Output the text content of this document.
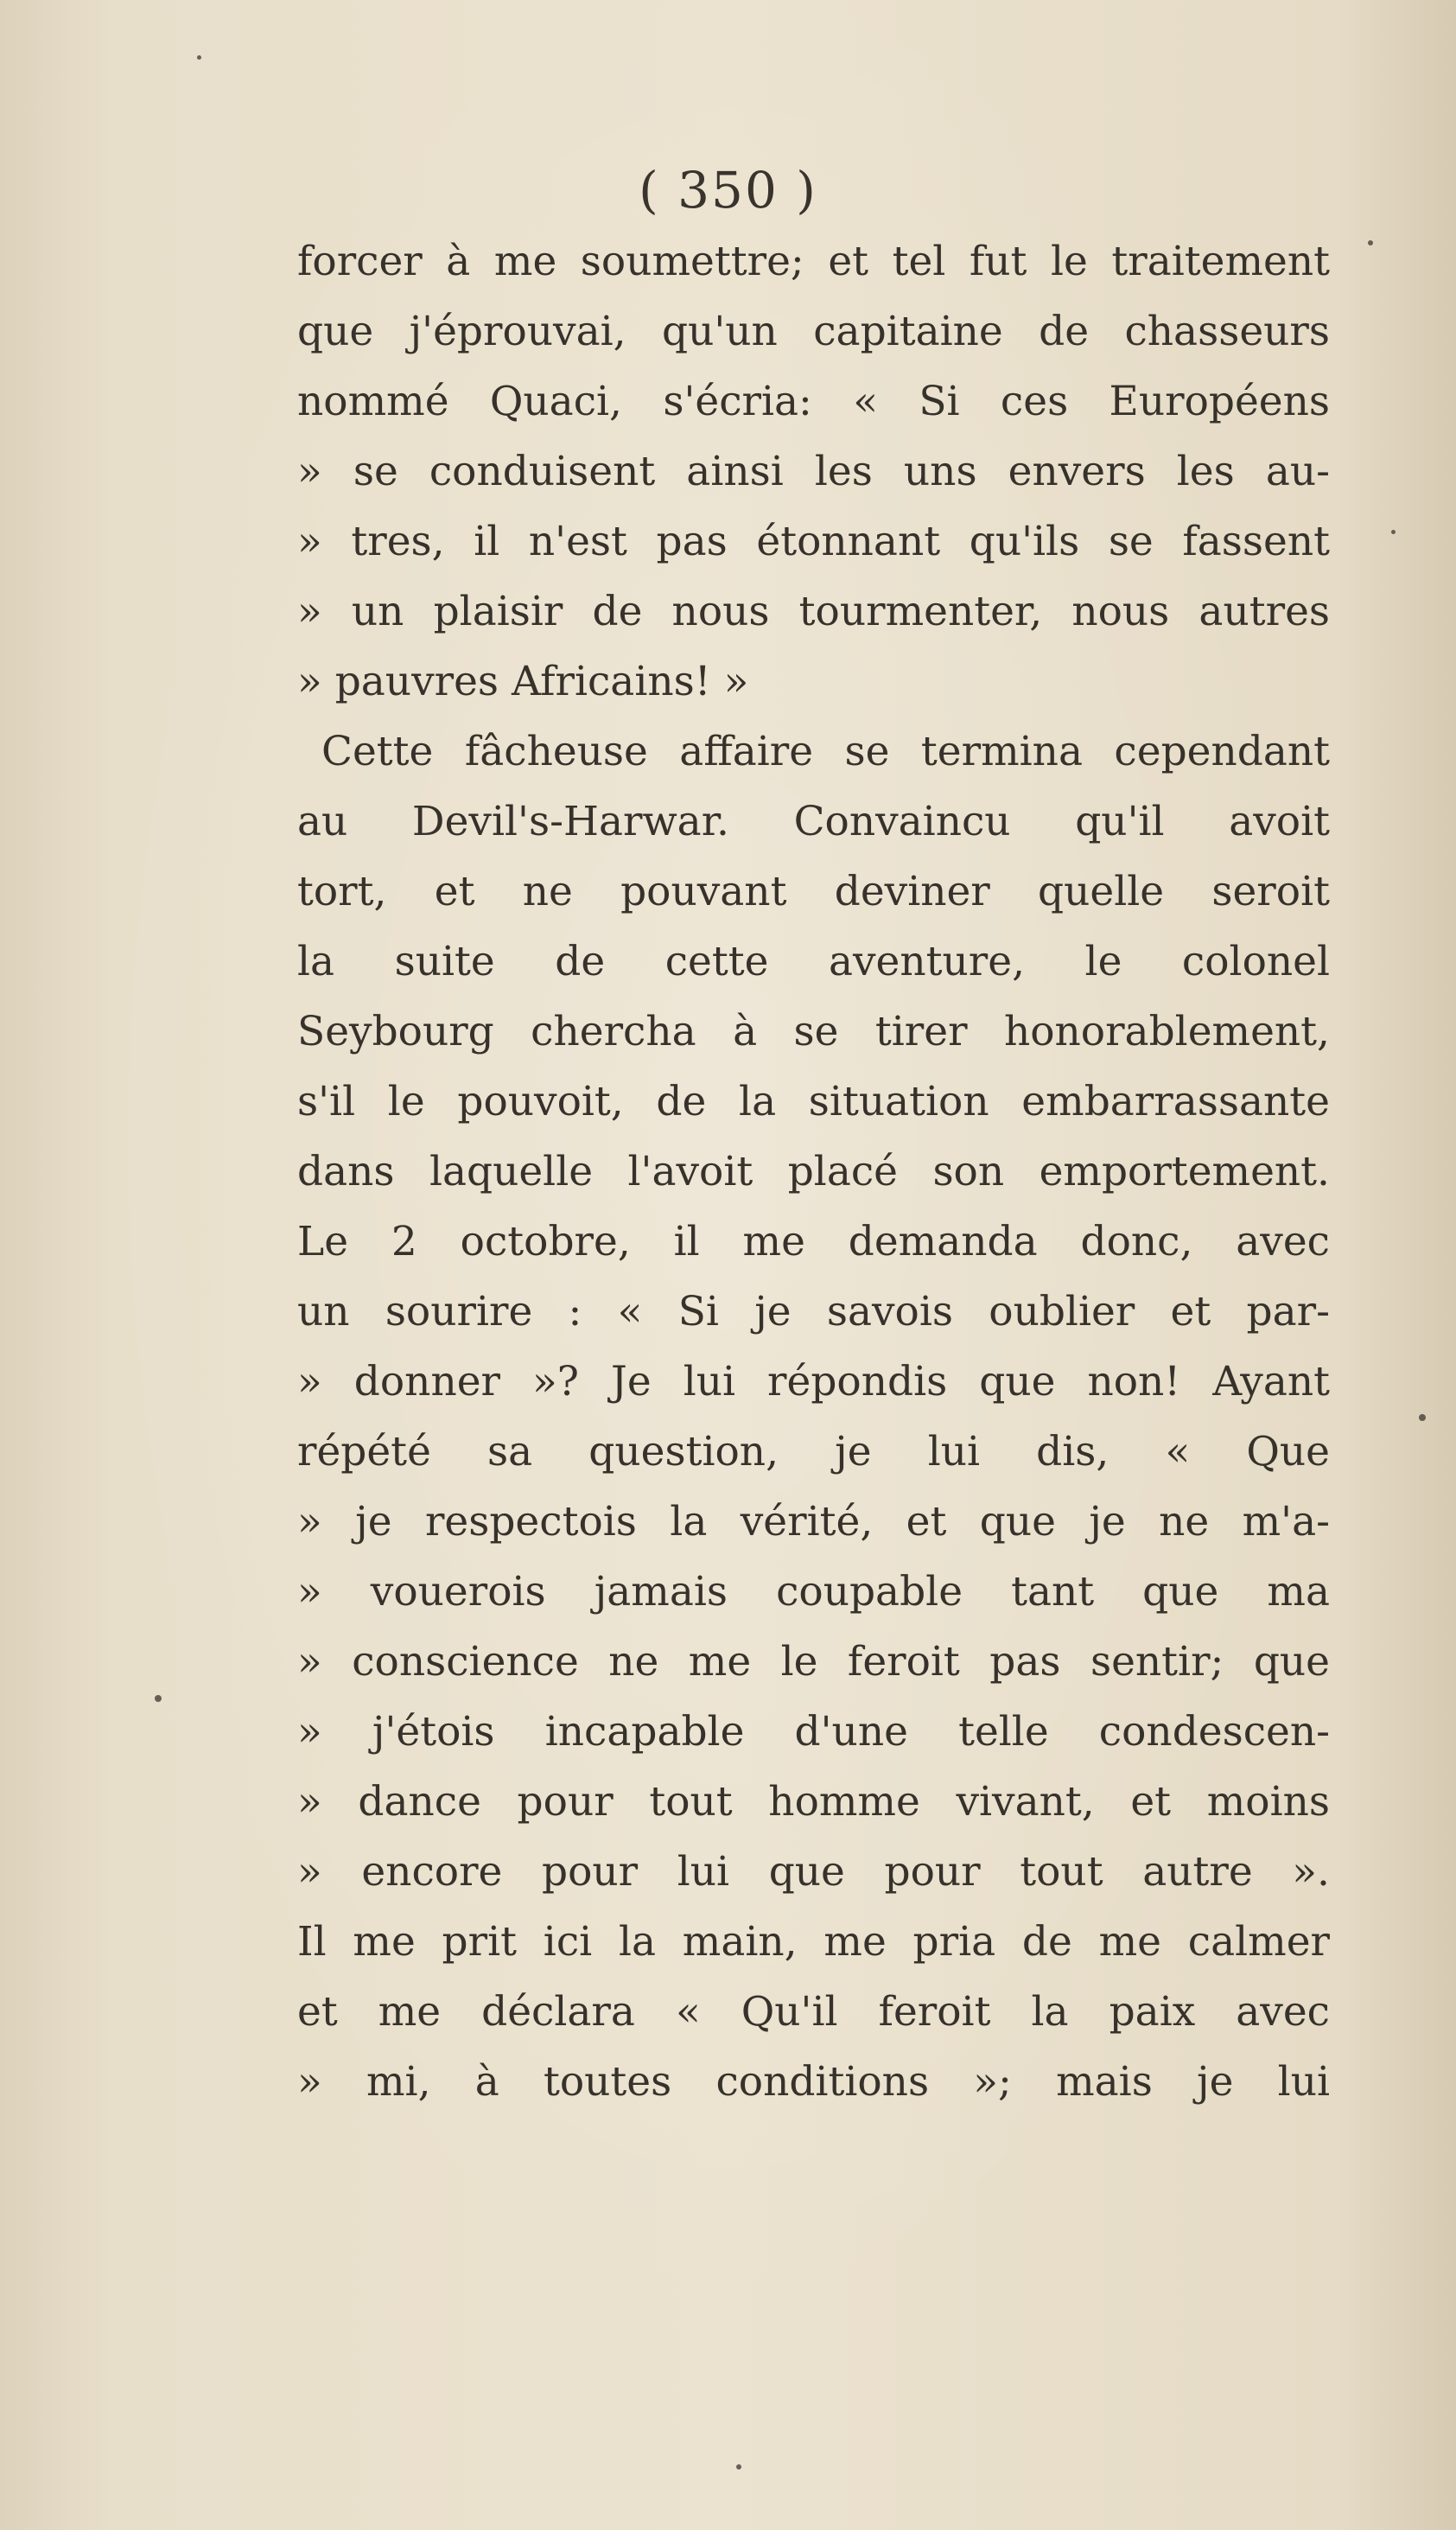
( 350 )
forcer à me soumettre; et tel fut le traitement
que j'éprouvai, qu'un capitaine de chasseurs
nommé Quaci, s'écria: « Si ces Européens
» se conduisent ainsi les uns envers les au-
» tres, il n'est pas étonnant qu'ils se fassent
» un plaisir de nous tourmenter, nous autres
» pauvres Africains! »
Cette fâcheuse affaire se termina cependant
au Devil's-Harwar. Convaincu qu'il avoit
tort, et ne pouvant deviner quelle seroit
la suite de cette aventure, le colonel
Seybourg chercha à se tirer honorablement,
s'il le pouvoit, de la situation embarrassante
dans laquelle l'avoit placé son emportement.
Le 2 octobre, il me demanda donc, avec
un sourire : « Si je savois oublier et par-
» donner »? Je lui répondis que non! Ayant
répété sa question, je lui dis, « Que
» je respectois la vérité, et que je ne m'a-
» vouerois jamais coupable tant que ma
» conscience ne me le feroit pas sentir; que
» j'étois incapable d'une telle condescen-
» dance pour tout homme vivant, et moins
» encore pour lui que pour tout autre ».
Il me prit ici la main, me pria de me calmer
et me déclara « Qu'il feroit la paix avec
» mi, à toutes conditions »; mais je lui
